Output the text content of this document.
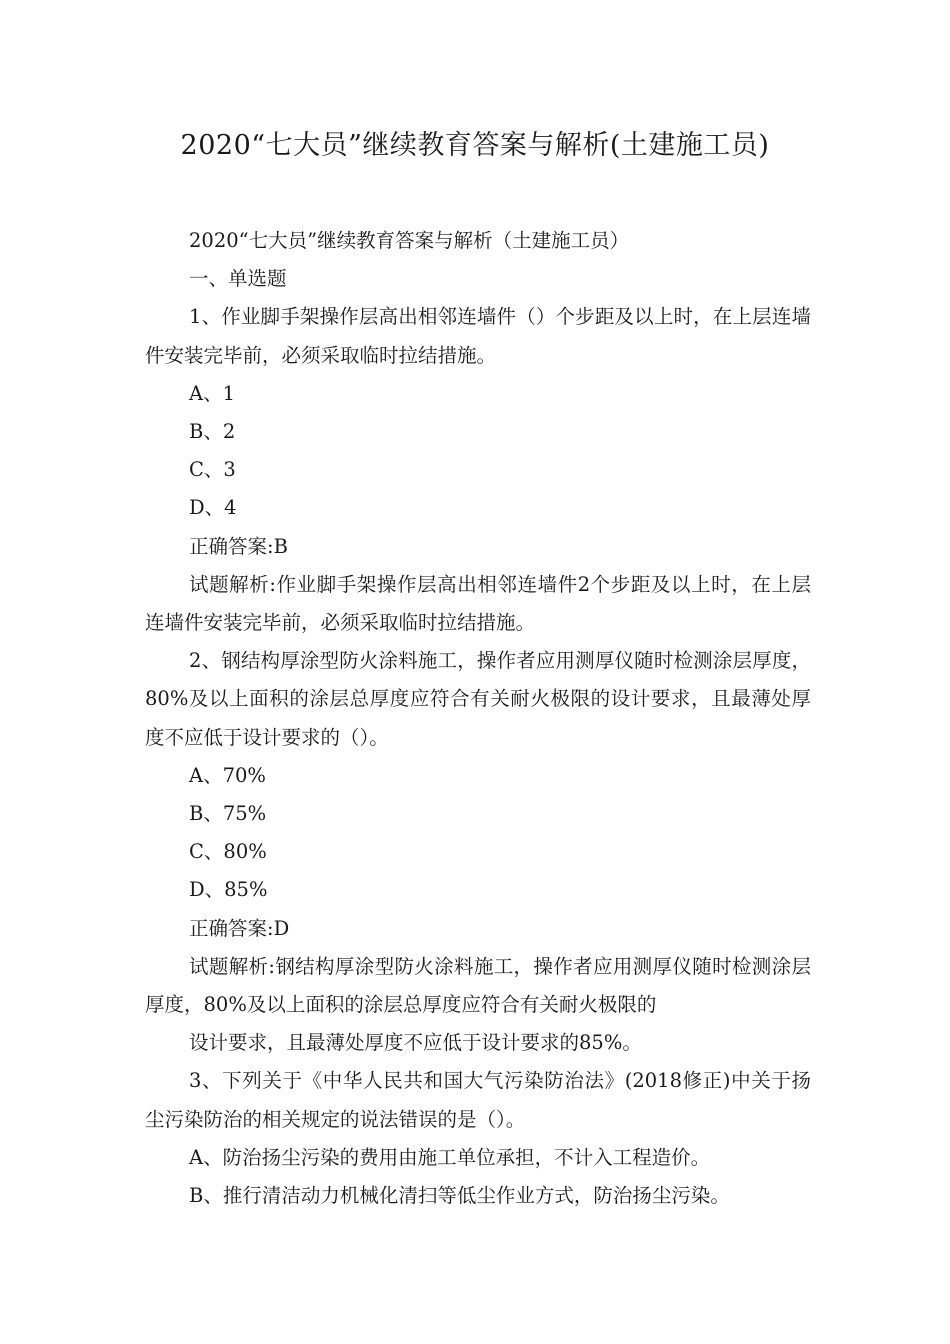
2020“七大员”继续教育答案与解析(土建施工员)

2020“七大员”继续教育答案与解析（土建施工员）

一、单选题

1、作业脚手架操作层高出相邻连墙件（）个步距及以上时，在上层连墙件安装完毕前，必须采取临时拉结措施。

A、1

B、2

C、3

D、4

正确答案:B

试题解析:作业脚手架操作层高出相邻连墙件2个步距及以上时，在上层连墙件安装完毕前，必须采取临时拉结措施。

2、钢结构厚涂型防火涂料施工，操作者应用测厚仪随时检测涂层厚度，80%及以上面积的涂层总厚度应符合有关耐火极限的设计要求，且最薄处厚度不应低于设计要求的（）。

A、70%

B、75%

C、80%

D、85%

正确答案:D

试题解析:钢结构厚涂型防火涂料施工，操作者应用测厚仪随时检测涂层厚度，80%及以上面积的涂层总厚度应符合有关耐火极限的

设计要求，且最薄处厚度不应低于设计要求的85%。

3、下列关于《中华人民共和国大气污染防治法》(2018修正)中关于扬尘污染防治的相关规定的说法错误的是（）。

A、防治扬尘污染的费用由施工单位承担，不计入工程造价。

B、推行清洁动力机械化清扫等低尘作业方式，防治扬尘污染。
